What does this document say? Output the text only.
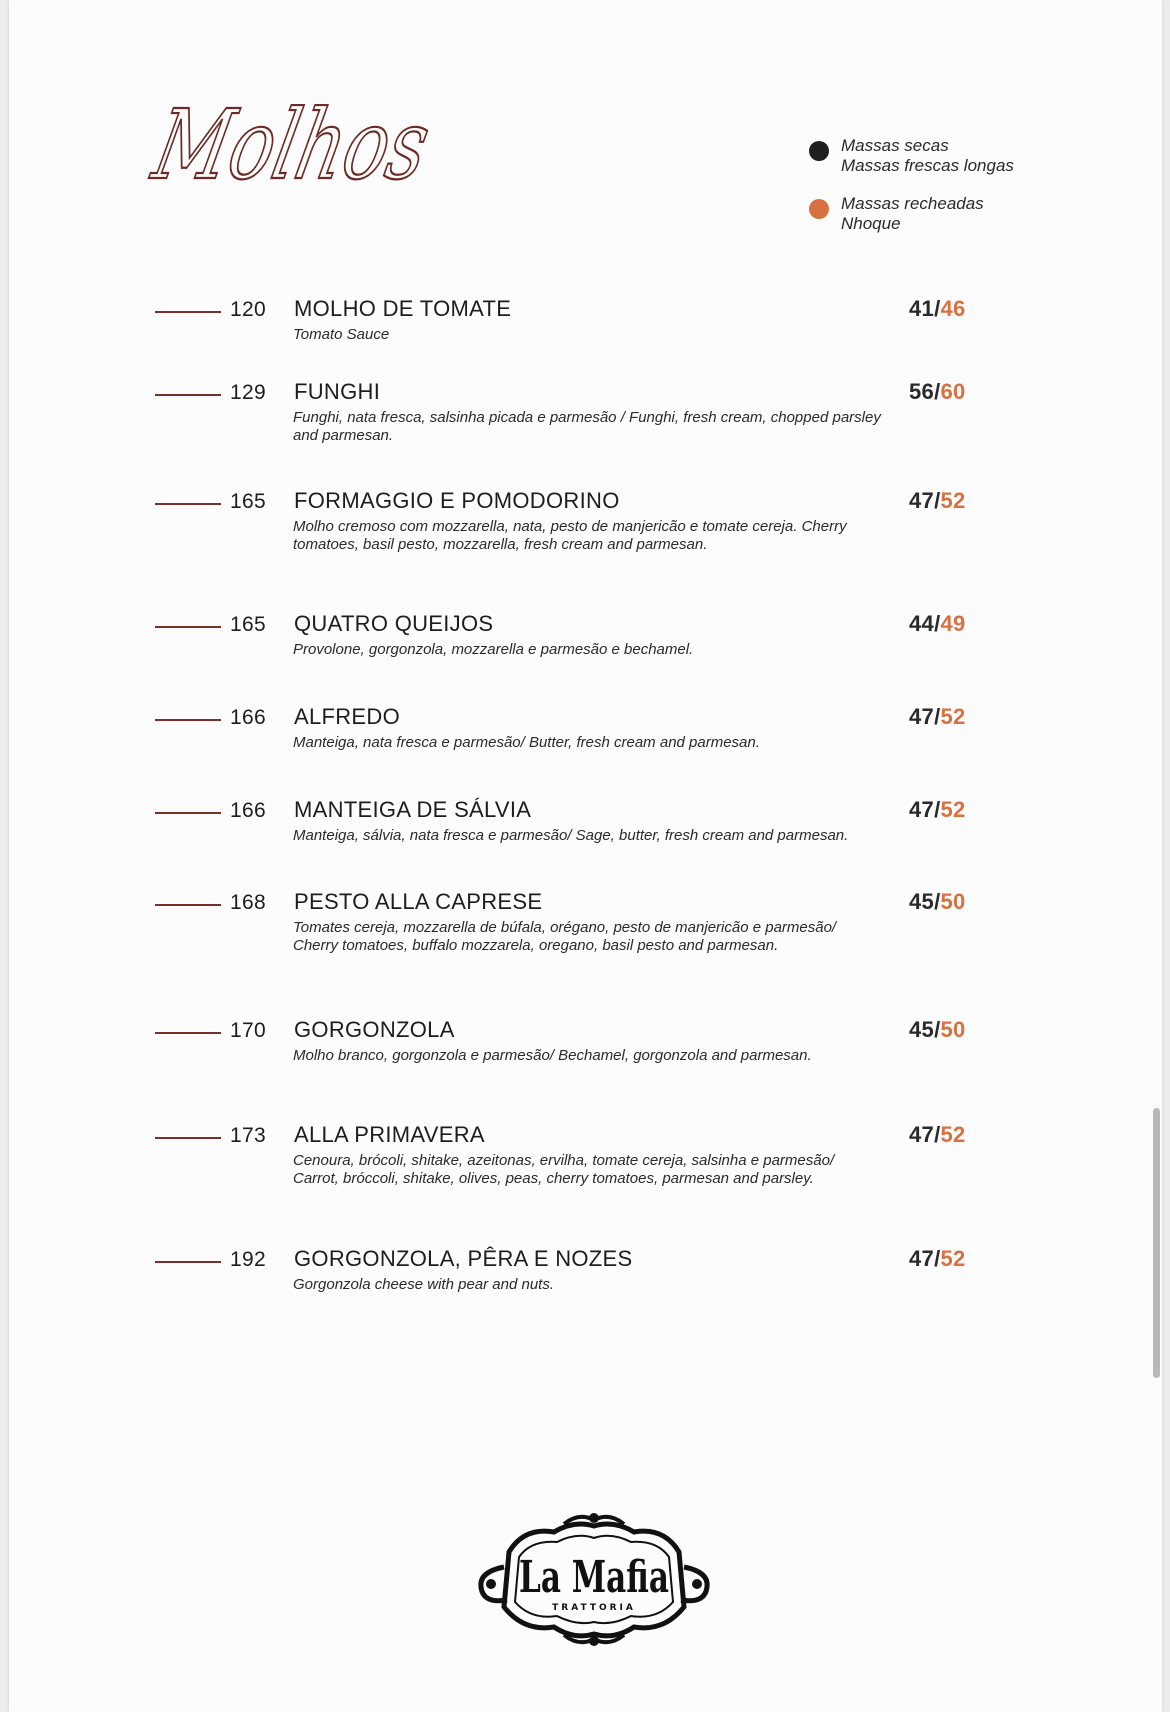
Molhos	Massas secas
Massas frescas longas
Massas recheadas
Nhoque
120 MOLHO DE TOMATE
Tomato Sauce
41/46
129 FUNGHI
Funghi, nata fresca, salsinha picada e parmesão / Funghi, fresh cream, chopped parsley and parmesan.
56/60
165 FORMAGGIO E POMODORINO
Molho cremoso com mozzarella, nata, pesto de manjericão e tomate cereja. Cherry tomatoes, basil pesto, mozzarella, fresh cream and parmesan.
47/52
165 QUATRO QUEIJOS
Provolone, gorgonzola, mozzarella e parmesão e bechamel.
44/49
166 ALFREDO
Manteiga, nata fresca e parmesão/ Butter, fresh cream and parmesan.
47/52
166 MANTEIGA DE SÁLVIA
Manteiga, sálvia, nata fresca e parmesão/ Sage, butter, fresh cream and parmesan.
47/52
168 PESTO ALLA CAPRESE
Tomates cereja, mozzarella de búfala, orégano, pesto de manjericão e parmesão/ Cherry tomatoes, buffalo mozzarela, oregano, basil pesto and parmesan.
45/50
170 GORGONZOLA
Molho branco, gorgonzola e parmesão/ Bechamel, gorgonzola and parmesan.
45/50
173 ALLA PRIMAVERA
Cenoura, brócoli, shitake, azeitonas, ervilha, tomate cereja, salsinha e parmesão/ Carrot, bróccoli, shitake, olives, peas, cherry tomatoes, parmesan and parsley.
47/52
192 GORGONZOLA, PÊRA E NOZES
Gorgonzola cheese with pear and nuts.
47/52
La Mafia
TRATTORIA
